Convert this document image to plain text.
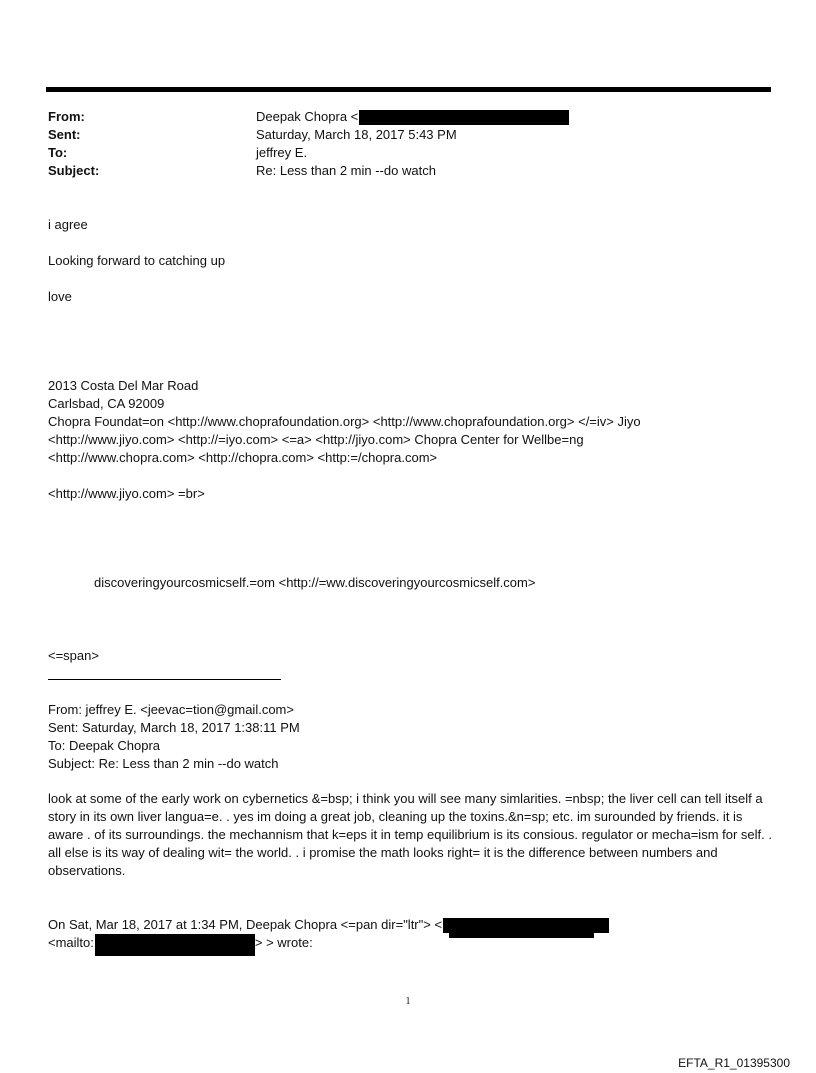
From:	Deepak Chopra <
Sent:	Saturday, March 18, 2017 5:43 PM
To:	jeffrey E.
Subject:	Re: Less than 2 min --do watch
i agree
Looking forward to catching up
love
2013 Costa Del Mar Road
Carlsbad, CA 92009
Chopra Foundat=on <http://www.choprafoundation.org> <http://www.choprafoundation.org> </=iv> Jiyo
<http://www.jiyo.com> <http://=iyo.com> <=a> <http://jiyo.com> Chopra Center for Wellbe=ng
<http://www.chopra.com> <http://chopra.com> <http:=/chopra.com>
<http://www.jiyo.com> =br>
discoveringyourcosmicself.=om <http://=ww.discoveringyourcosmicself.com>
<=span>
From: jeffrey E. <jeevac=tion@gmail.com>
Sent: Saturday, March 18, 2017 1:38:11 PM
To: Deepak Chopra
Subject: Re: Less than 2 min --do watch
look at some of the early work on cybernetics &=bsp; i think you will see many simlarities. =nbsp; the liver cell can tell itself a story in its own liver langua=e. . yes im doing a great job, cleaning up the toxins.&n=sp; etc. im surounded by friends. it is aware . of its surroundings. the mechannism that k=eps it in temp equilibrium is its consious. regulator or mecha=ism for self. . all else is its way of dealing wit= the world. . i promise the math looks right= it is the difference between numbers and observations.
On Sat, Mar 18, 2017 at 1:34 PM, Deepak Chopra <=pan dir="ltr"> <
<mailto:	> > wrote:
1
EFTA_R1_01395300
